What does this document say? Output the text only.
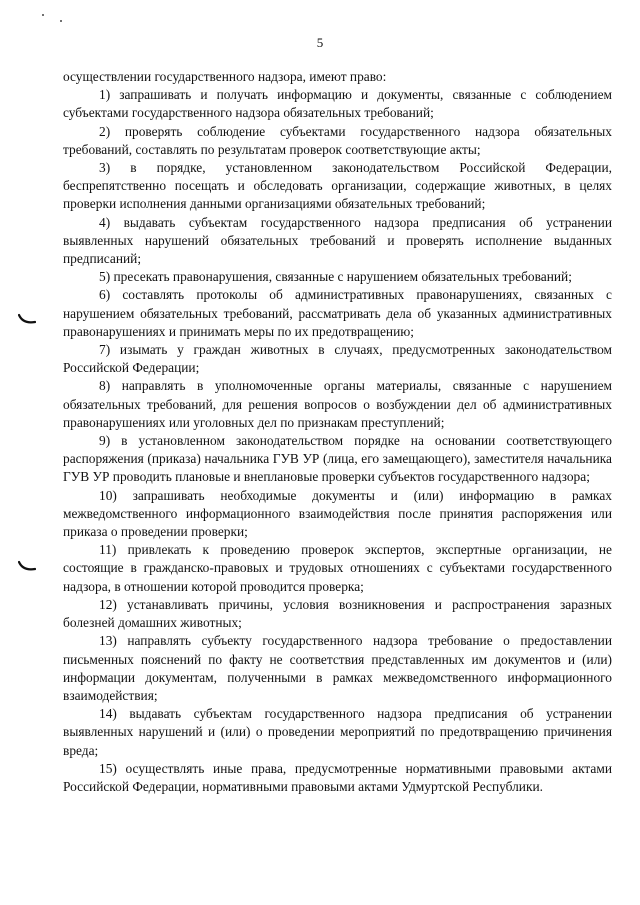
5

осуществлении государственного надзора, имеют право:

1) запрашивать и получать информацию и документы, связанные с соблюдением субъектами государственного надзора обязательных требований;

2) проверять соблюдение субъектами государственного надзора обязательных требований, составлять по результатам проверок соответствующие акты;

3) в порядке, установленном законодательством Российской Федерации, беспрепятственно посещать и обследовать организации, содержащие животных, в целях проверки исполнения данными организациями обязательных требований;

4) выдавать субъектам государственного надзора предписания об устранении выявленных нарушений обязательных требований и проверять исполнение выданных предписаний;

5) пресекать правонарушения, связанные с нарушением обязательных требований;

6) составлять протоколы об административных правонарушениях, связанных с нарушением обязательных требований, рассматривать дела об указанных административных правонарушениях и принимать меры по их предотвращению;

7) изымать у граждан животных в случаях, предусмотренных законодательством Российской Федерации;

8) направлять в уполномоченные органы материалы, связанные с нарушением обязательных требований, для решения вопросов о возбуждении дел об административных правонарушениях или уголовных дел по признакам преступлений;

9) в установленном законодательством порядке на основании соответствующего распоряжения (приказа) начальника ГУВ УР (лица, его замещающего), заместителя начальника ГУВ УР проводить плановые и внеплановые проверки субъектов государственного надзора;

10) запрашивать необходимые документы и (или) информацию в рамках межведомственного информационного взаимодействия после принятия распоряжения или приказа о проведении проверки;

11) привлекать к проведению проверок экспертов, экспертные организации, не состоящие в гражданско-правовых и трудовых отношениях с субъектами государственного надзора, в отношении которой проводится проверка;

12) устанавливать причины, условия возникновения и распространения заразных болезней домашних животных;

13) направлять субъекту государственного надзора требование о предоставлении письменных пояснений по факту не соответствия представленных им документов и (или) информации документам, полученными в рамках межведомственного информационного взаимодействия;

14) выдавать субъектам государственного надзора предписания об устранении выявленных нарушений и (или) о проведении мероприятий по предотвращению причинения вреда;

15) осуществлять иные права, предусмотренные нормативными правовыми актами Российской Федерации, нормативными правовыми актами Удмуртской Республики.
